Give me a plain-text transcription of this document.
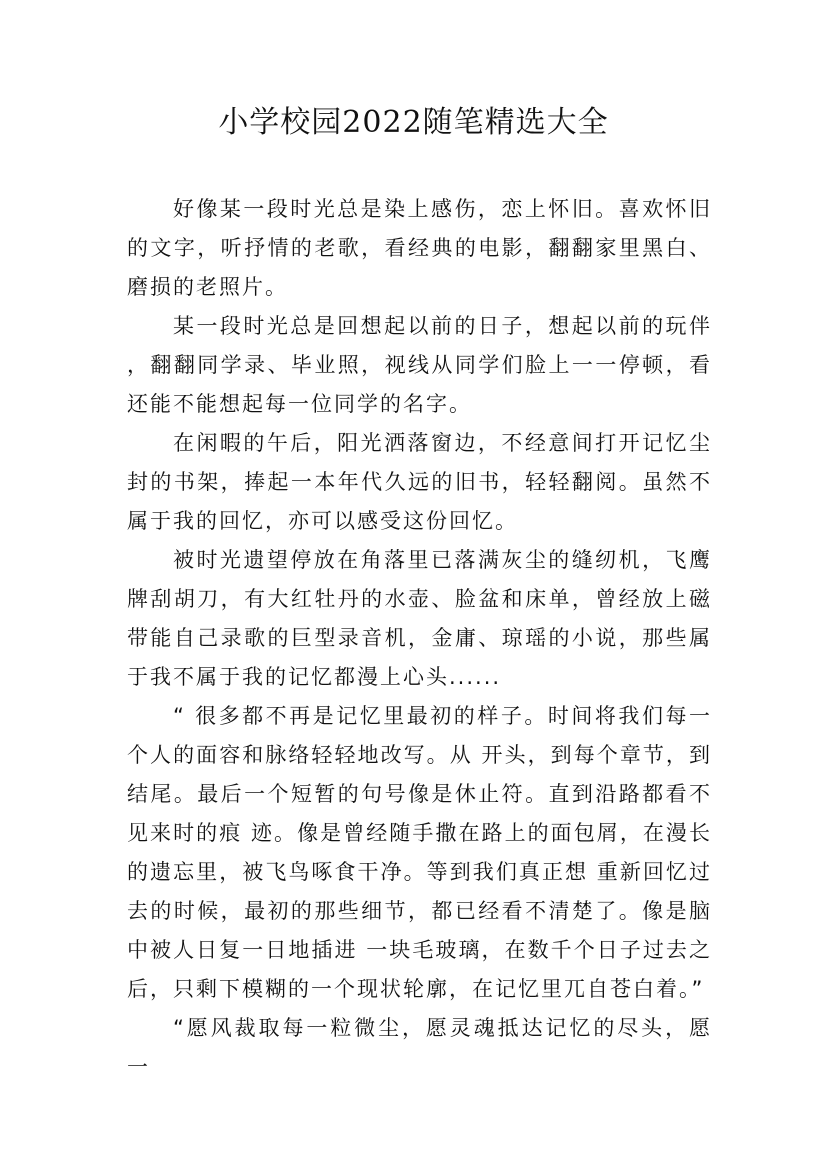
小学校园2022随笔精选大全

好像某一段时光总是染上感伤，恋上怀旧。喜欢怀旧的文字，听抒情的老歌，看经典的电影，翻翻家里黑白、磨损的老照片。

某一段时光总是回想起以前的日子，想起以前的玩伴，翻翻同学录、毕业照，视线从同学们脸上一一停顿，看还能不能想起每一位同学的名字。

在闲暇的午后，阳光洒落窗边，不经意间打开记忆尘封的书架，捧起一本年代久远的旧书，轻轻翻阅。虽然不属于我的回忆，亦可以感受这份回忆。

被时光遗望停放在角落里已落满灰尘的缝纫机，飞鹰牌刮胡刀，有大红牡丹的水壶、脸盆和床单，曾经放上磁带能自己录歌的巨型录音机，金庸、琼瑶的小说，那些属于我不属于我的记忆都漫上心头......

“ 很多都不再是记忆里最初的样子。时间将我们每一个人的面容和脉络轻轻地改写。从 开头，到每个章节，到结尾。最后一个短暂的句号像是休止符。直到沿路都看不见来时的痕 迹。像是曾经随手撒在路上的面包屑，在漫长的遗忘里，被飞鸟啄食干净。等到我们真正想 重新回忆过去的时候，最初的那些细节，都已经看不清楚了。像是脑中被人日复一日地插进 一块毛玻璃，在数千个日子过去之后，只剩下模糊的一个现状轮廓，在记忆里兀自苍白着。”

“愿风裁取每一粒微尘，愿灵魂抵达记忆的尽头，愿一
